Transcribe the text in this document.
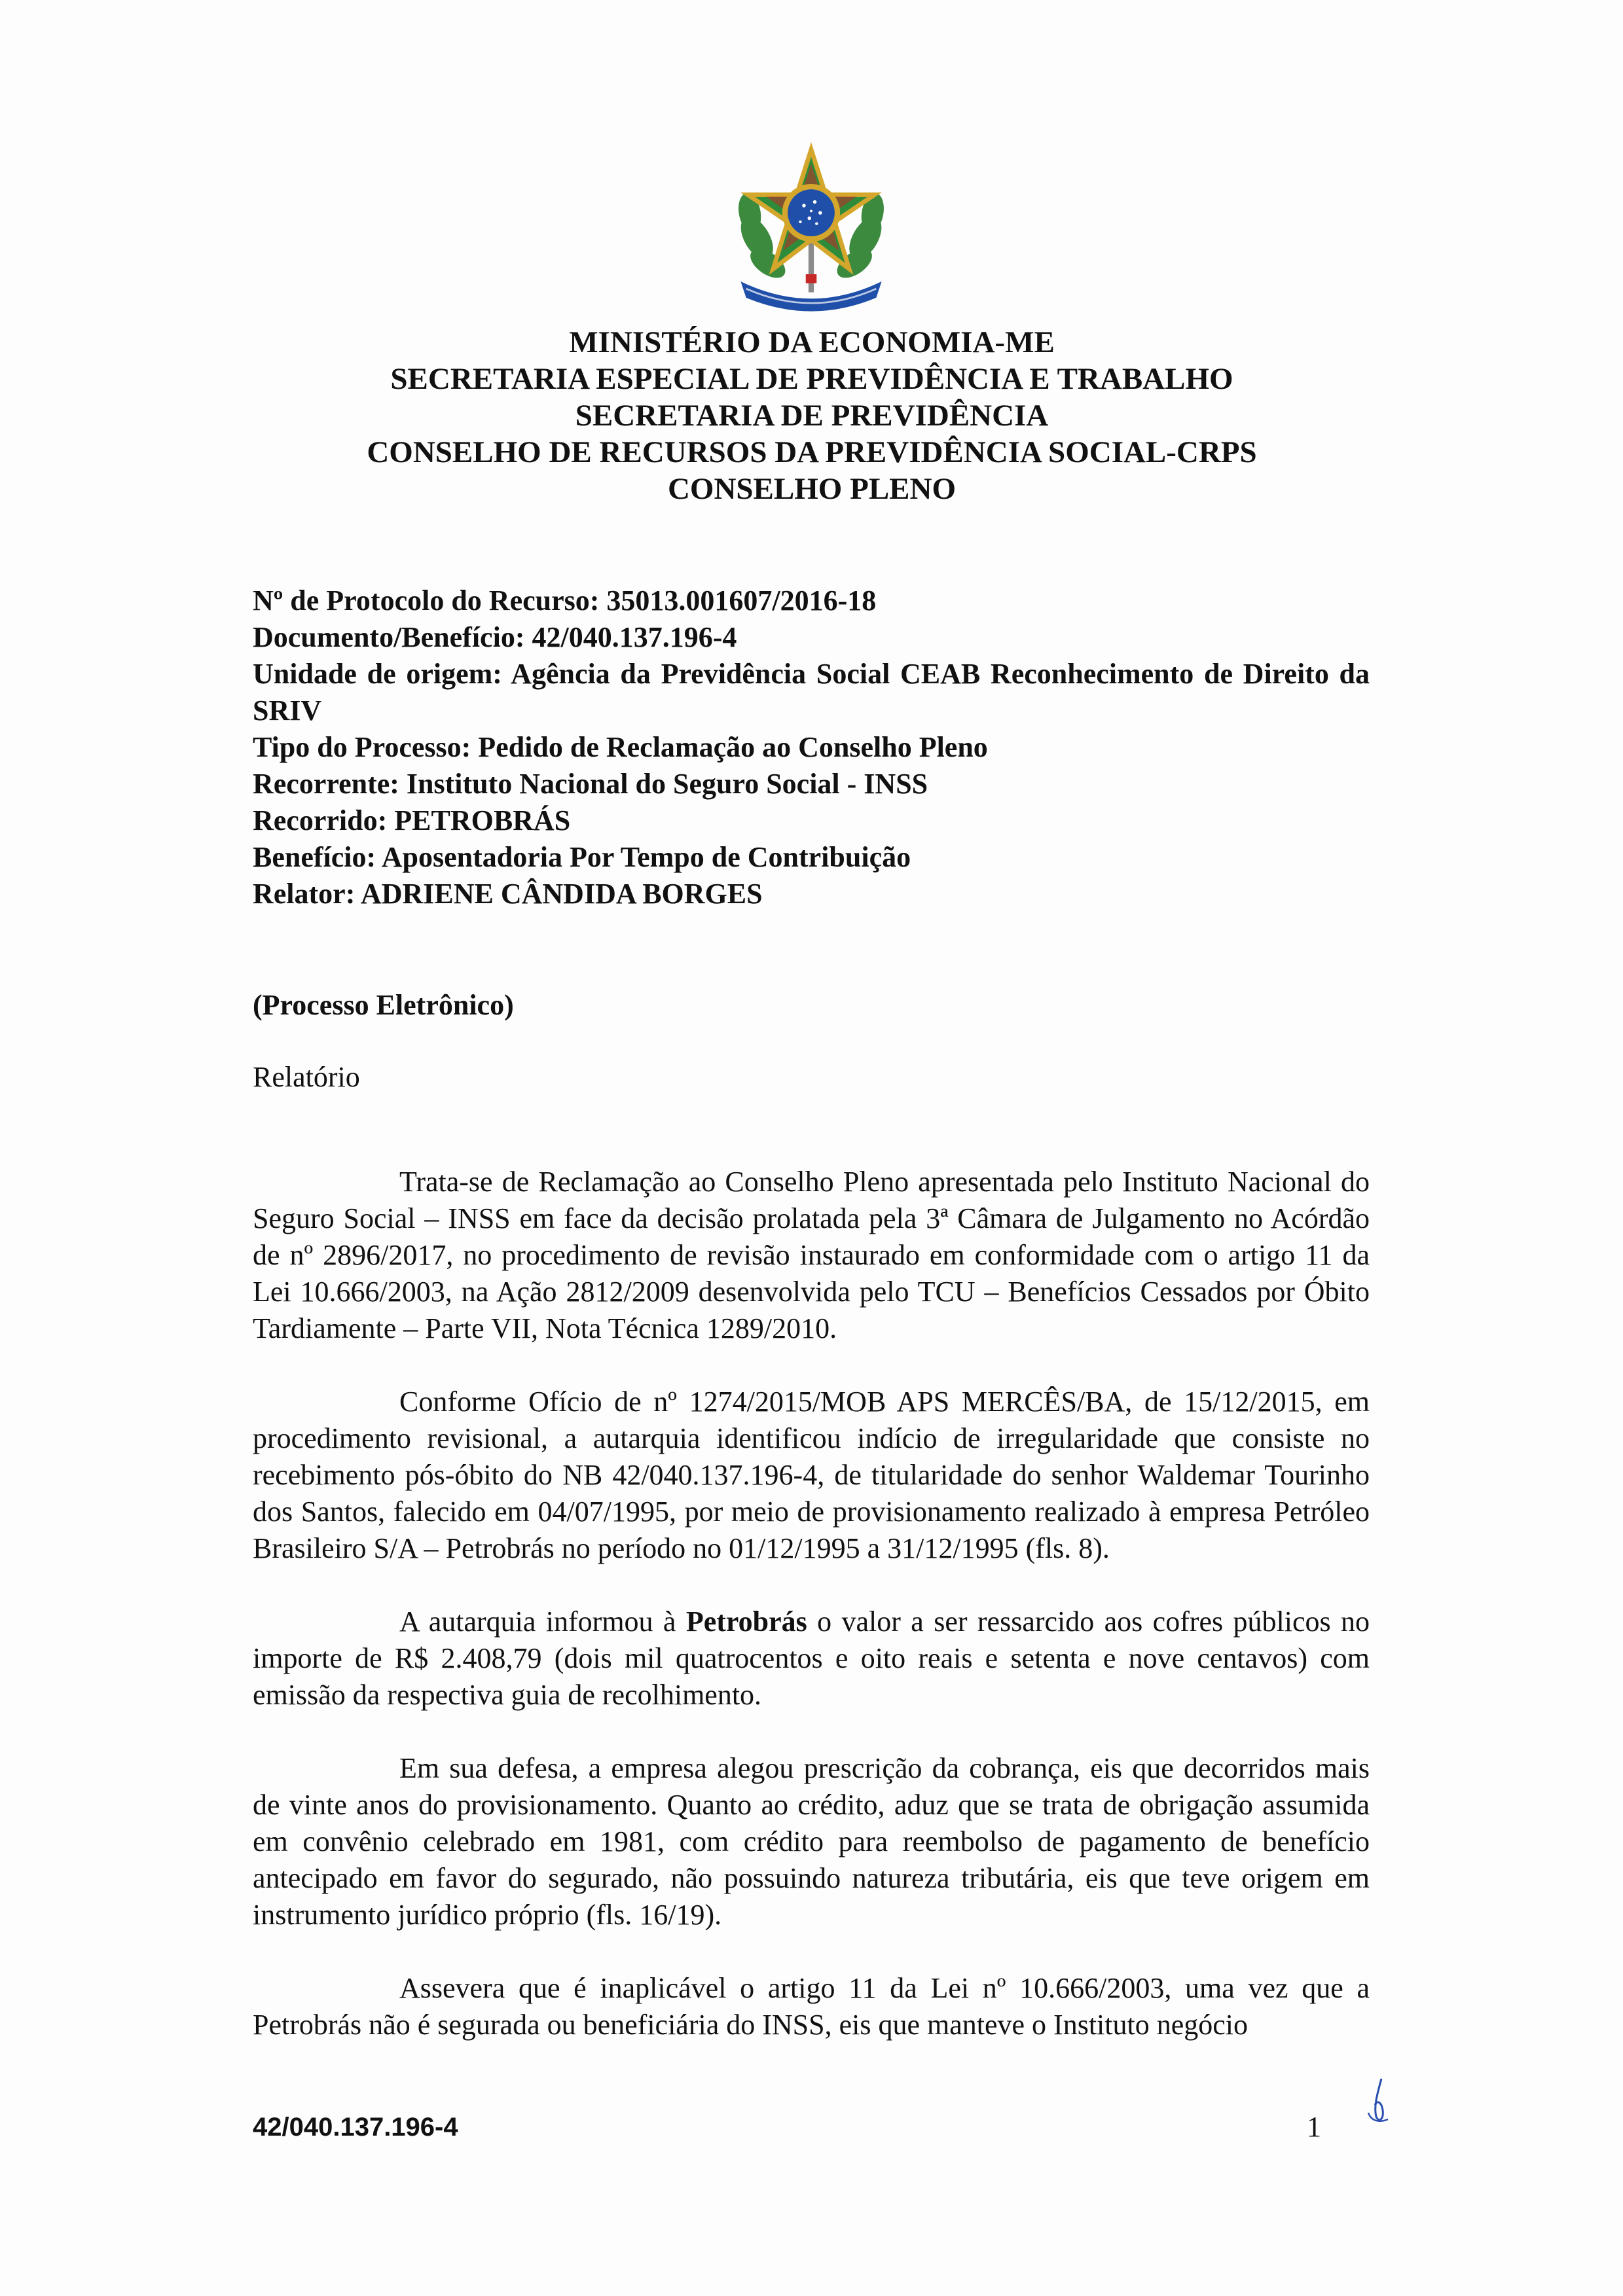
MINISTÉRIO DA ECONOMIA-ME
SECRETARIA ESPECIAL DE PREVIDÊNCIA E TRABALHO
SECRETARIA DE PREVIDÊNCIA
CONSELHO DE RECURSOS DA PREVIDÊNCIA SOCIAL-CRPS
CONSELHO PLENO
Nº de Protocolo do Recurso: 35013.001607/2016-18
Documento/Benefício: 42/040.137.196-4
Unidade de origem: Agência da Previdência Social CEAB Reconhecimento de Direito da SRIV
Tipo do Processo: Pedido de Reclamação ao Conselho Pleno
Recorrente: Instituto Nacional do Seguro Social - INSS
Recorrido: PETROBRÁS
Benefício: Aposentadoria Por Tempo de Contribuição
Relator: ADRIENE CÂNDIDA BORGES
(Processo Eletrônico)
Relatório

Trata-se de Reclamação ao Conselho Pleno apresentada pelo Instituto Nacional do Seguro Social – INSS em face da decisão prolatada pela 3ª Câmara de Julgamento no Acórdão de nº 2896/2017, no procedimento de revisão instaurado em conformidade com o artigo 11 da Lei 10.666/2003, na Ação 2812/2009 desenvolvida pelo TCU – Benefícios Cessados por Óbito Tardiamente – Parte VII, Nota Técnica 1289/2010.

Conforme Ofício de nº 1274/2015/MOB APS MERCÊS/BA, de 15/12/2015, em procedimento revisional, a autarquia identificou indício de irregularidade que consiste no recebimento pós-óbito do NB 42/040.137.196-4, de titularidade do senhor Waldemar Tourinho dos Santos, falecido em 04/07/1995, por meio de provisionamento realizado à empresa Petróleo Brasileiro S/A – Petrobrás no período no 01/12/1995 a 31/12/1995 (fls. 8).

A autarquia informou à Petrobrás o valor a ser ressarcido aos cofres públicos no importe de R$ 2.408,79 (dois mil quatrocentos e oito reais e setenta e nove centavos) com emissão da respectiva guia de recolhimento.

Em sua defesa, a empresa alegou prescrição da cobrança, eis que decorridos mais de vinte anos do provisionamento. Quanto ao crédito, aduz que se trata de obrigação assumida em convênio celebrado em 1981, com crédito para reembolso de pagamento de benefício antecipado em favor do segurado, não possuindo natureza tributária, eis que teve origem em instrumento jurídico próprio (fls. 16/19).

Assevera que é inaplicável o artigo 11 da Lei nº 10.666/2003, uma vez que a Petrobrás não é segurada ou beneficiária do INSS, eis que manteve o Instituto negócio

42/040.137.196-4	1
